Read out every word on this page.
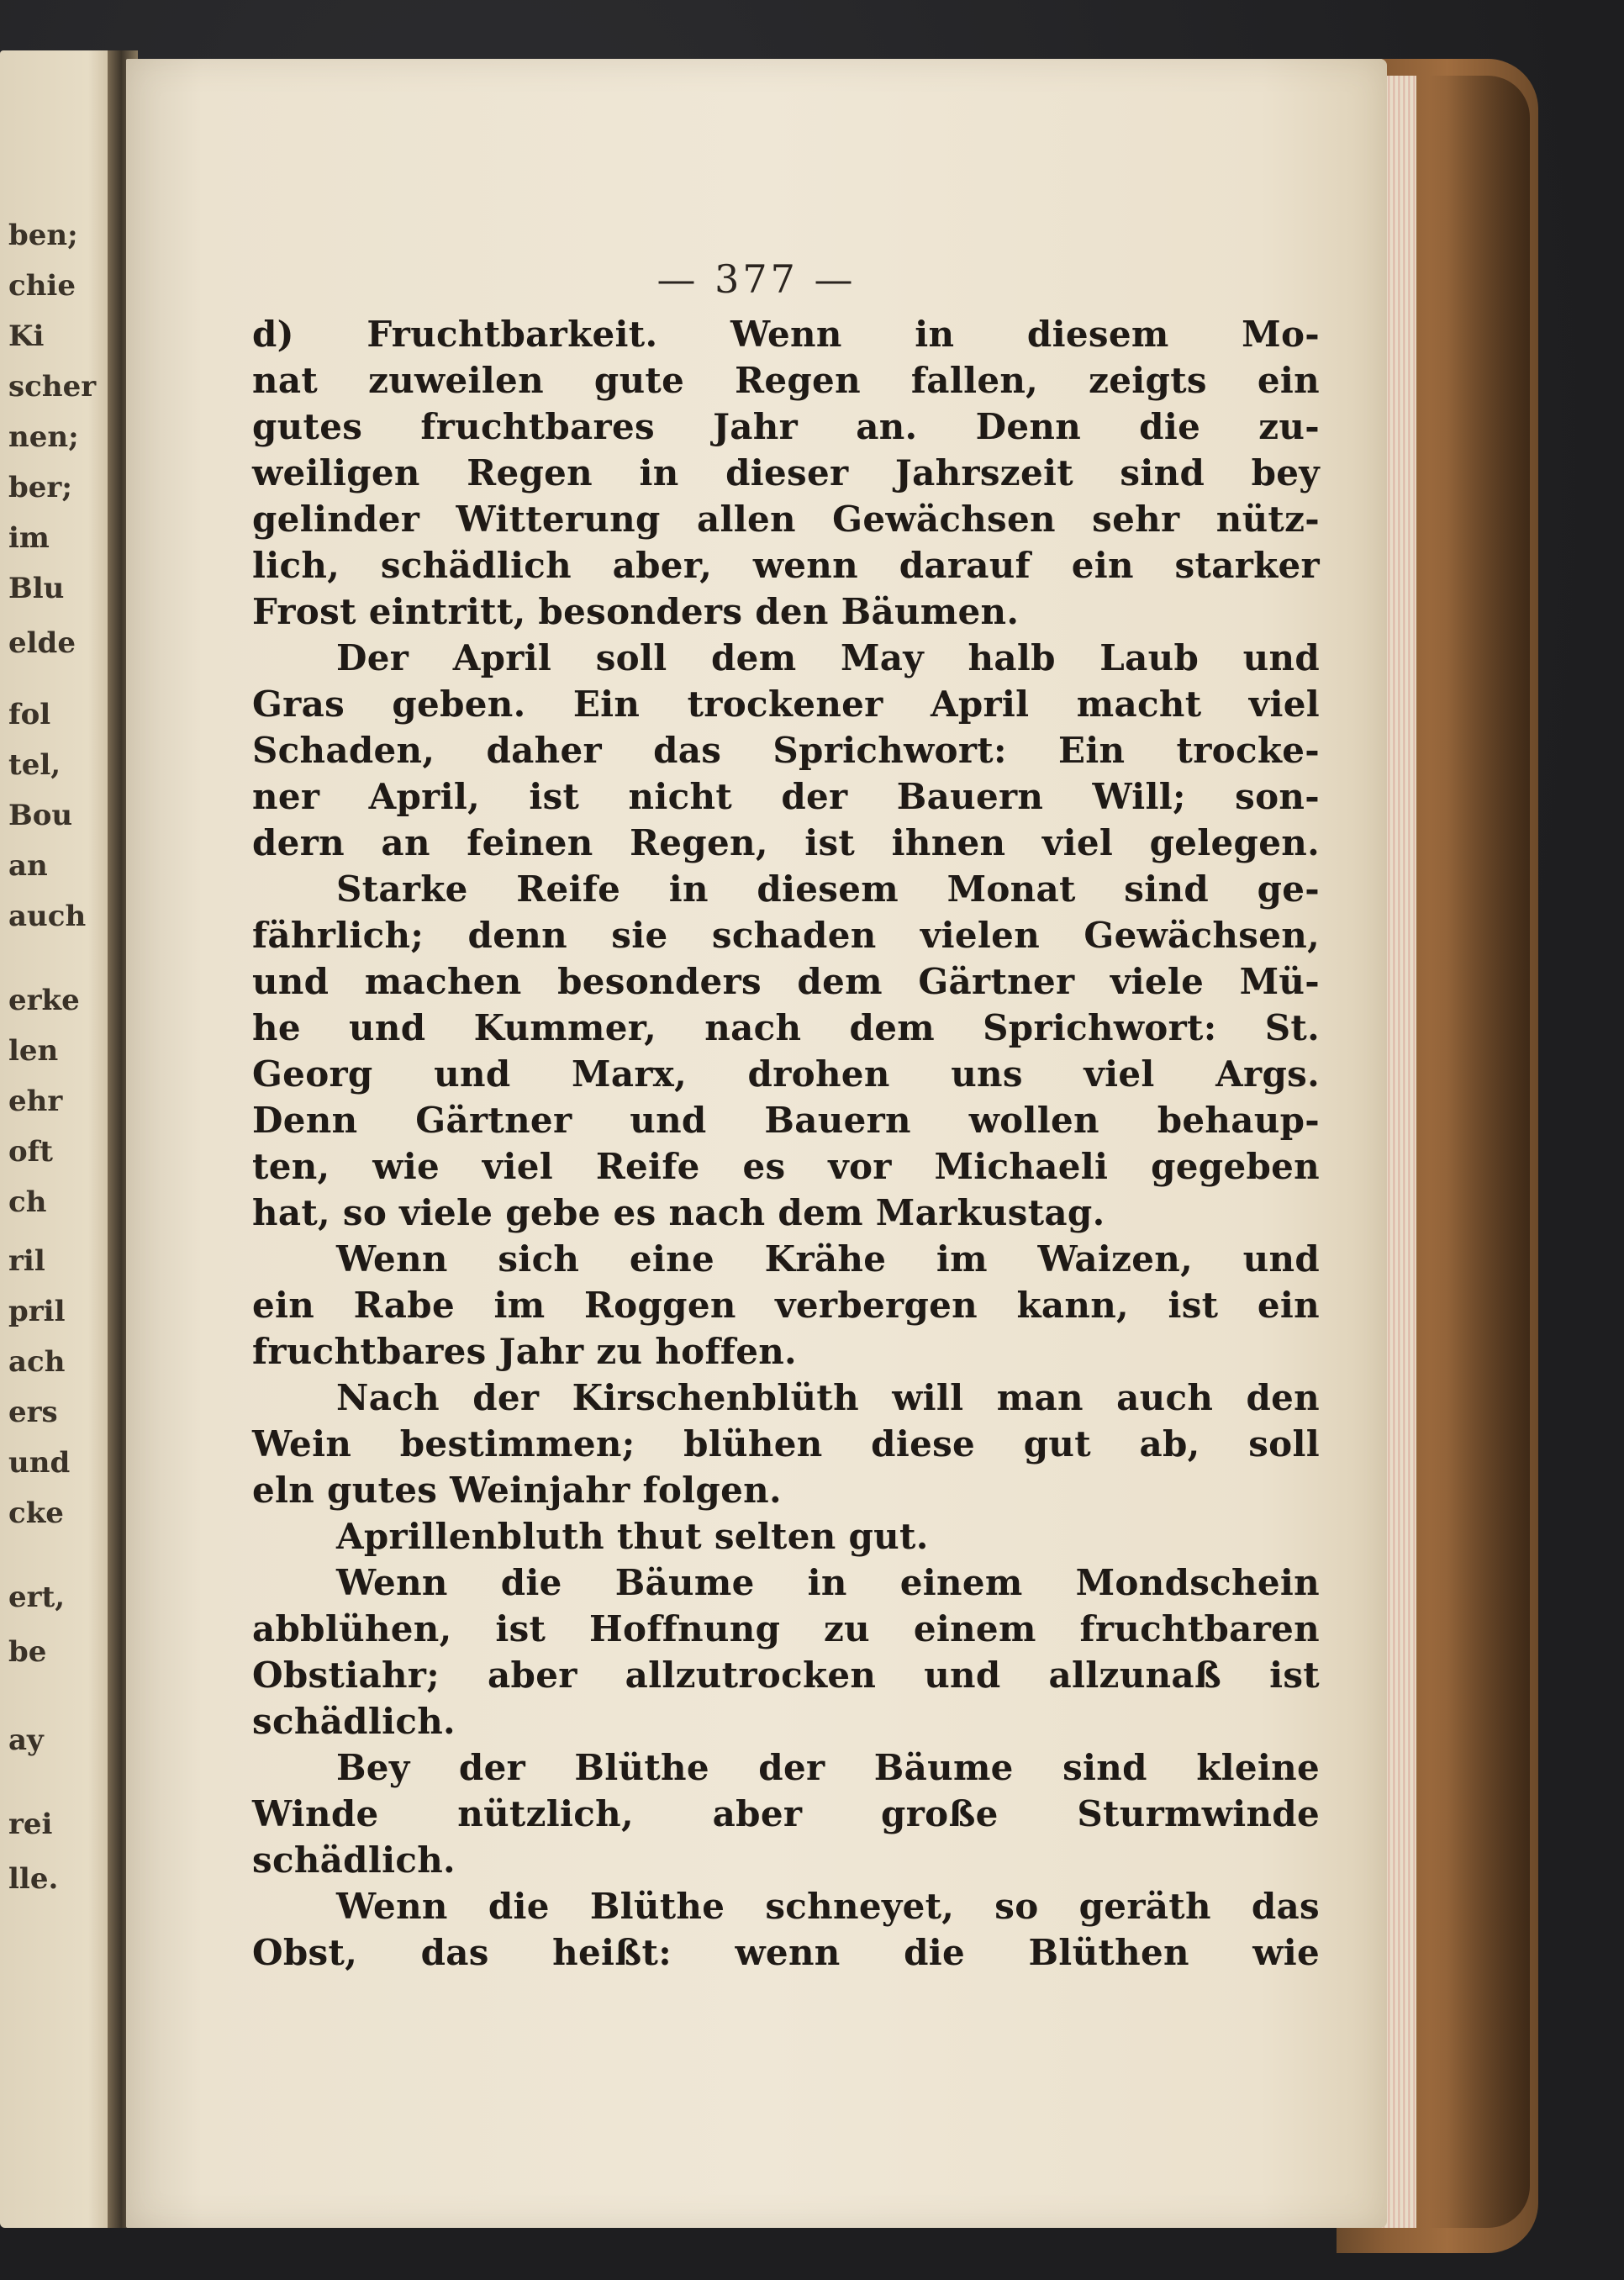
ben;
chie
Ki
scher
nen;
ber;
im
Blu
elde
fol
tel,
Bou
an
auch
erke
len
ehr
oft
ch
ril
pril
ach
ers
und
cke
ert,
be
ay
rei
lle.
— 377 —
d) Fruchtbarkeit. Wenn in diesem Mo-
nat zuweilen gute Regen fallen, zeigts ein
gutes fruchtbares Jahr an. Denn die zu-
weiligen Regen in dieser Jahrszeit sind bey
gelinder Witterung allen Gewächsen sehr nütz-
lich, schädlich aber, wenn darauf ein starker
Frost eintritt, besonders den Bäumen.
Der April soll dem May halb Laub und
Gras geben. Ein trockener April macht viel
Schaden, daher das Sprichwort: Ein trocke-
ner April, ist nicht der Bauern Will; son-
dern an feinen Regen, ist ihnen viel gelegen.
Starke Reife in diesem Monat sind ge-
fährlich; denn sie schaden vielen Gewächsen,
und machen besonders dem Gärtner viele Mü-
he und Kummer, nach dem Sprichwort: St.
Georg und Marx, drohen uns viel Args.
Denn Gärtner und Bauern wollen behaup-
ten, wie viel Reife es vor Michaeli gegeben
hat, so viele gebe es nach dem Markustag.
Wenn sich eine Krähe im Waizen, und
ein Rabe im Roggen verbergen kann, ist ein
fruchtbares Jahr zu hoffen.
Nach der Kirschenblüth will man auch den
Wein bestimmen; blühen diese gut ab, soll
eln gutes Weinjahr folgen.
Aprillenbluth thut selten gut.
Wenn die Bäume in einem Mondschein
abblühen, ist Hoffnung zu einem fruchtbaren
Obstiahr; aber allzutrocken und allzunaß ist
schädlich.
Bey der Blüthe der Bäume sind kleine
Winde nützlich, aber große Sturmwinde
schädlich.
Wenn die Blüthe schneyet, so geräth das
Obst, das heißt: wenn die Blüthen wie
